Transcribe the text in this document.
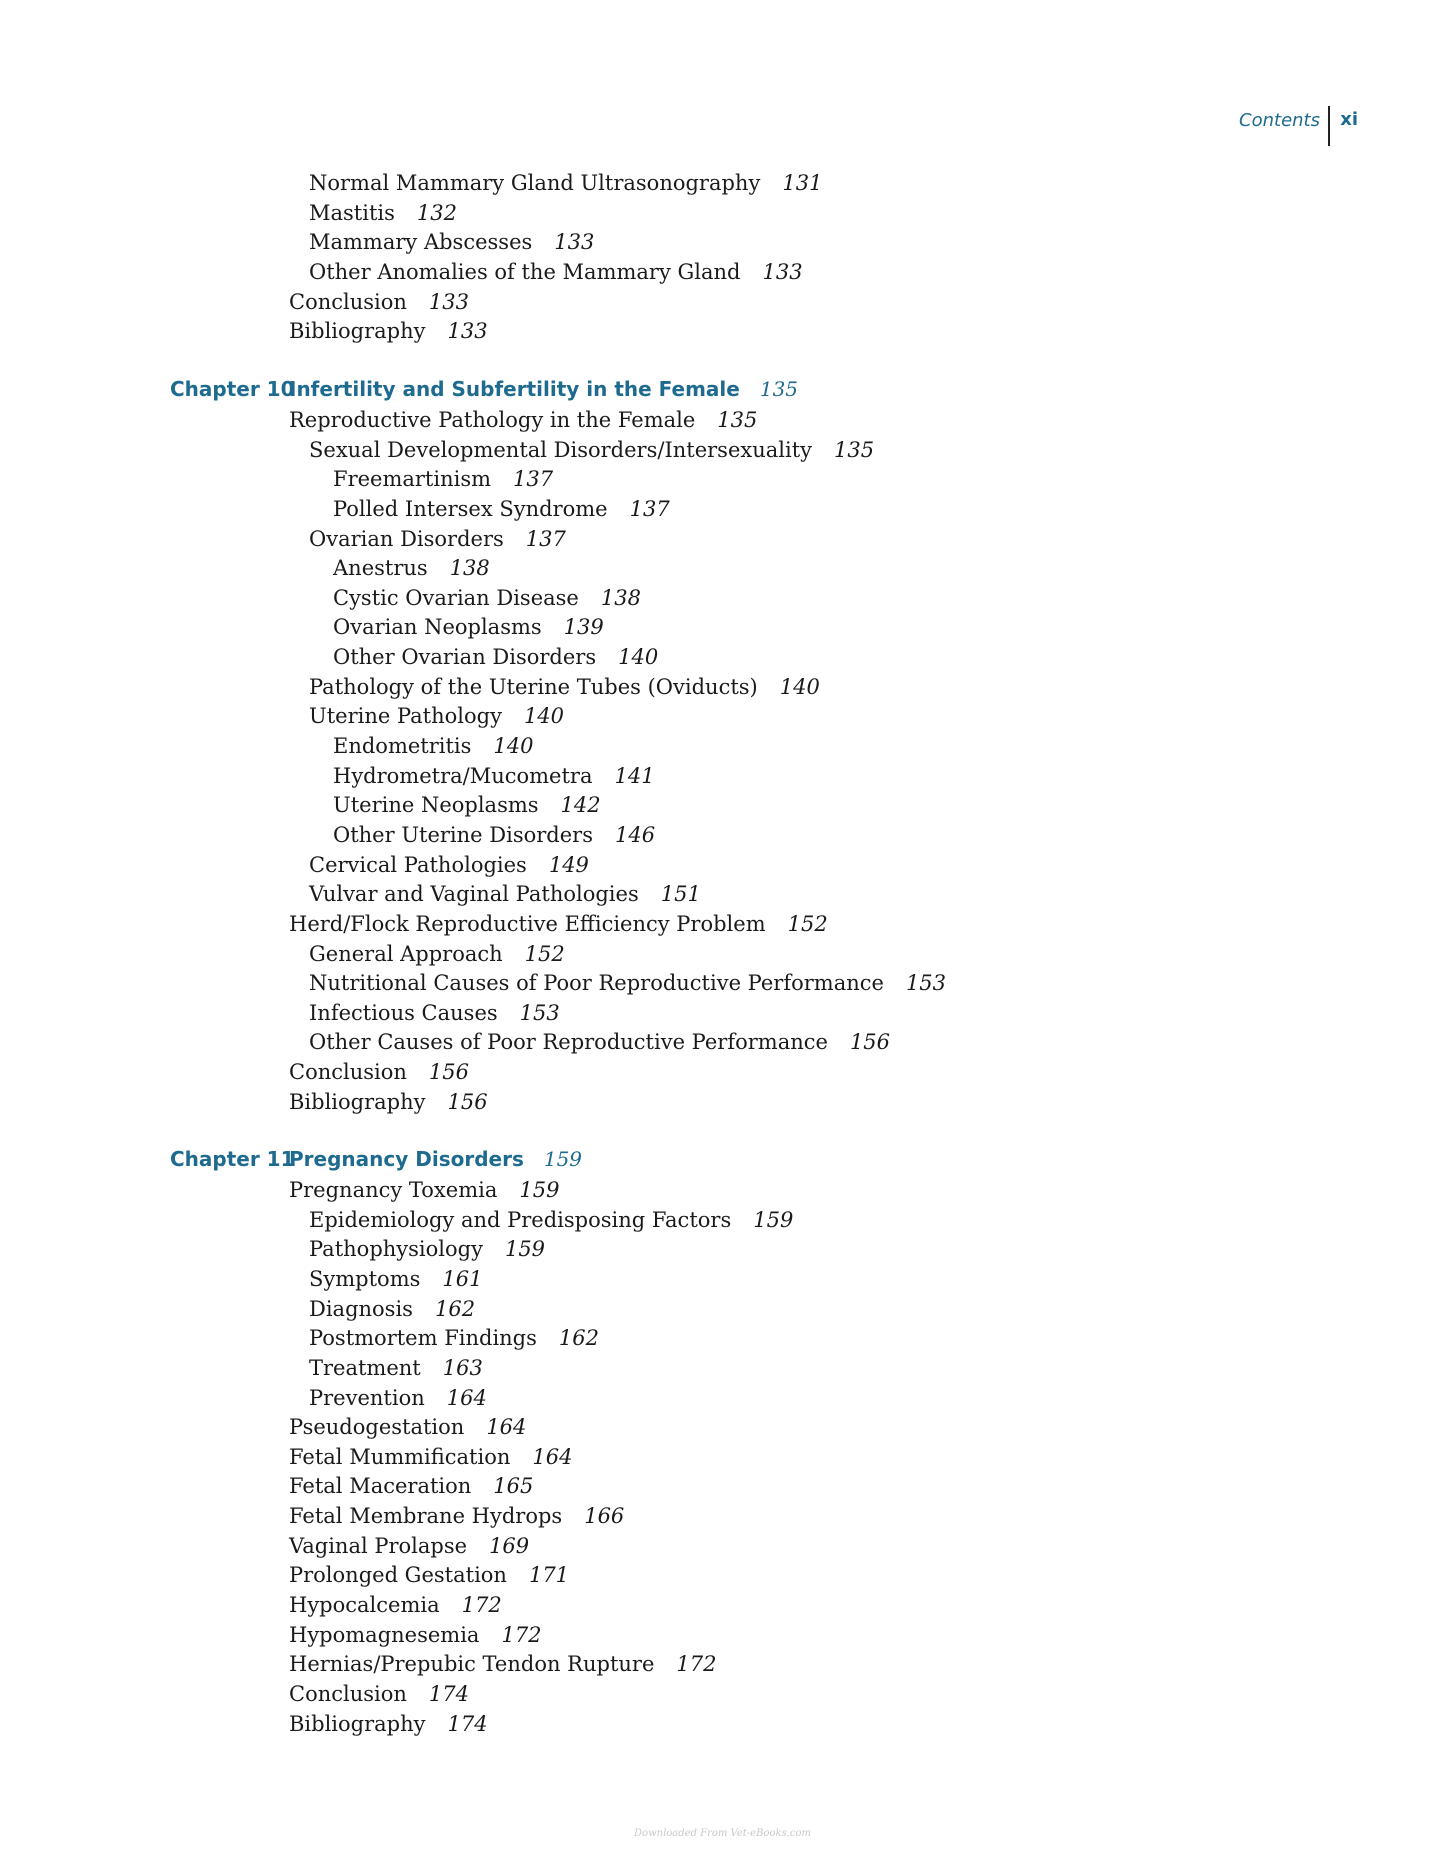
Contents xi
Normal Mammary Gland Ultrasonography 131
Mastitis 132
Mammary Abscesses 133
Other Anomalies of the Mammary Gland 133
Conclusion 133
Bibliography 133
Chapter 10Infertility and Subfertility in the Female 135
Reproductive Pathology in the Female 135
Sexual Developmental Disorders/Intersexuality 135
Freemartinism 137
Polled Intersex Syndrome 137
Ovarian Disorders 137
Anestrus 138
Cystic Ovarian Disease 138
Ovarian Neoplasms 139
Other Ovarian Disorders 140
Pathology of the Uterine Tubes (Oviducts) 140
Uterine Pathology 140
Endometritis 140
Hydrometra/Mucometra 141
Uterine Neoplasms 142
Other Uterine Disorders 146
Cervical Pathologies 149
Vulvar and Vaginal Pathologies 151
Herd/Flock Reproductive Efficiency Problem 152
General Approach 152
Nutritional Causes of Poor Reproductive Performance 153
Infectious Causes 153
Other Causes of Poor Reproductive Performance 156
Conclusion 156
Bibliography 156
Chapter 11Pregnancy Disorders 159
Pregnancy Toxemia 159
Epidemiology and Predisposing Factors 159
Pathophysiology 159
Symptoms 161
Diagnosis 162
Postmortem Findings 162
Treatment 163
Prevention 164
Pseudogestation 164
Fetal Mummification 164
Fetal Maceration 165
Fetal Membrane Hydrops 166
Vaginal Prolapse 169
Prolonged Gestation 171
Hypocalcemia 172
Hypomagnesemia 172
Hernias/Prepubic Tendon Rupture 172
Conclusion 174
Bibliography 174
Downloaded From Vet-eBooks.com
